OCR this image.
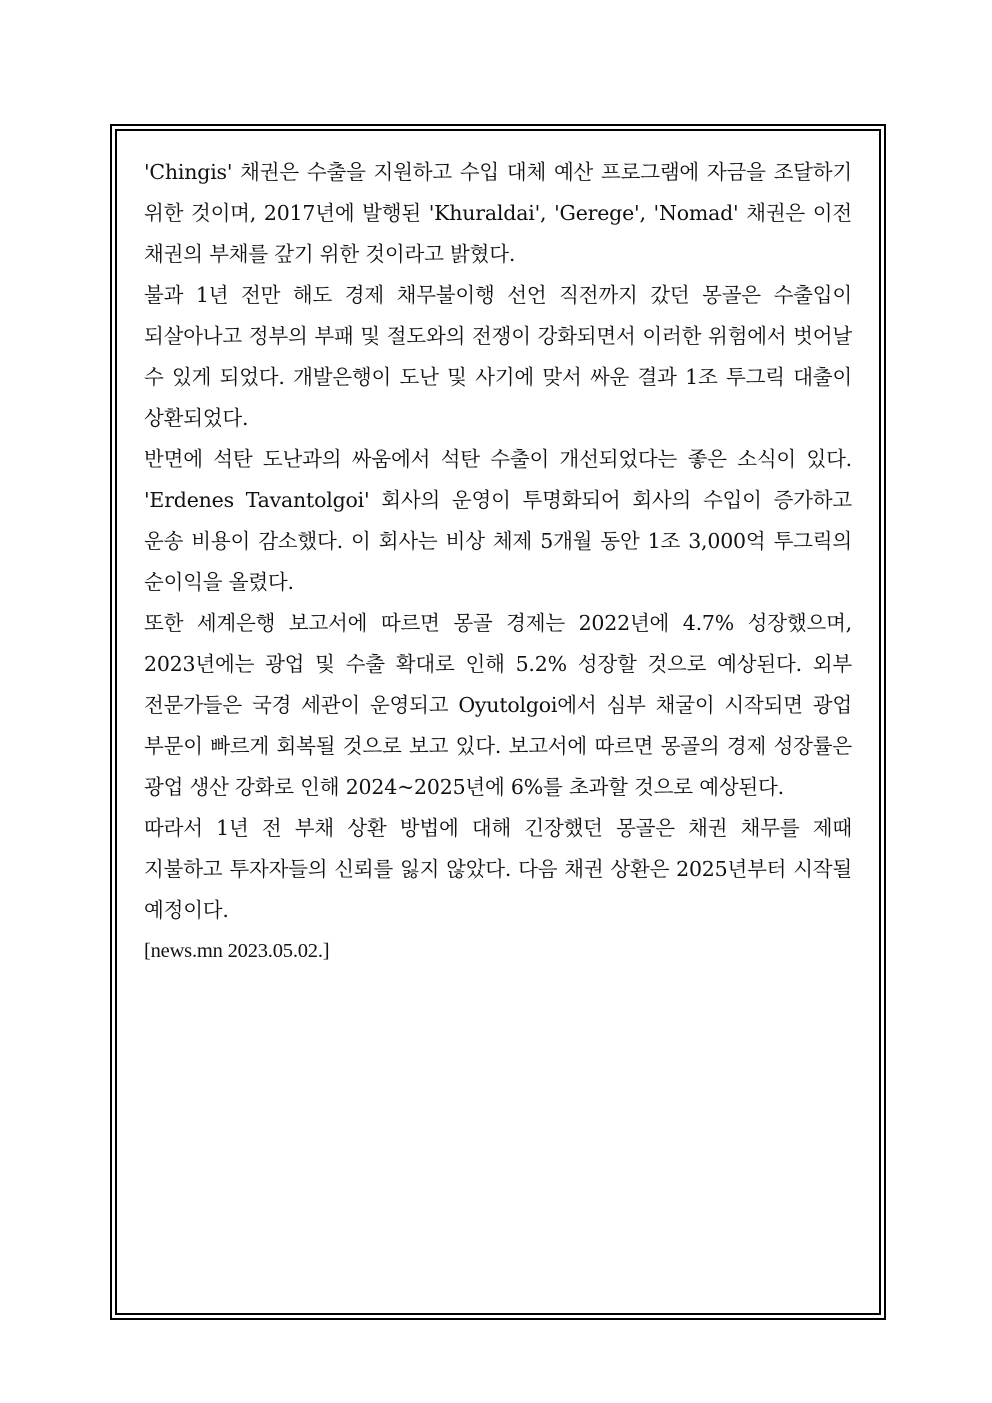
'Chingis' 채권은 수출을 지원하고 수입 대체 예산 프로그램에 자금을 조달하기 위한 것이며, 2017년에 발행된 'Khuraldai', 'Gerege', 'Nomad' 채권은 이전 채권의 부채를 갚기 위한 것이라고 밝혔다.

불과 1년 전만 해도 경제 채무불이행 선언 직전까지 갔던 몽골은 수출입이 되살아나고 정부의 부패 및 절도와의 전쟁이 강화되면서 이러한 위험에서 벗어날 수 있게 되었다. 개발은행이 도난 및 사기에 맞서 싸운 결과 1조 투그릭 대출이 상환되었다.

반면에 석탄 도난과의 싸움에서 석탄 수출이 개선되었다는 좋은 소식이 있다. 'Erdenes Tavantolgoi' 회사의 운영이 투명화되어 회사의 수입이 증가하고 운송 비용이 감소했다. 이 회사는 비상 체제 5개월 동안 1조 3,000억 투그릭의 순이익을 올렸다.

또한 세계은행 보고서에 따르면 몽골 경제는 2022년에 4.7% 성장했으며, 2023년에는 광업 및 수출 확대로 인해 5.2% 성장할 것으로 예상된다. 외부 전문가들은 국경 세관이 운영되고 Oyutolgoi에서 심부 채굴이 시작되면 광업 부문이 빠르게 회복될 것으로 보고 있다. 보고서에 따르면 몽골의 경제 성장률은 광업 생산 강화로 인해 2024~2025년에 6%를 초과할 것으로 예상된다.

따라서 1년 전 부채 상환 방법에 대해 긴장했던 몽골은 채권 채무를 제때 지불하고 투자자들의 신뢰를 잃지 않았다. 다음 채권 상환은 2025년부터 시작될 예정이다.

[news.mn 2023.05.02.]
